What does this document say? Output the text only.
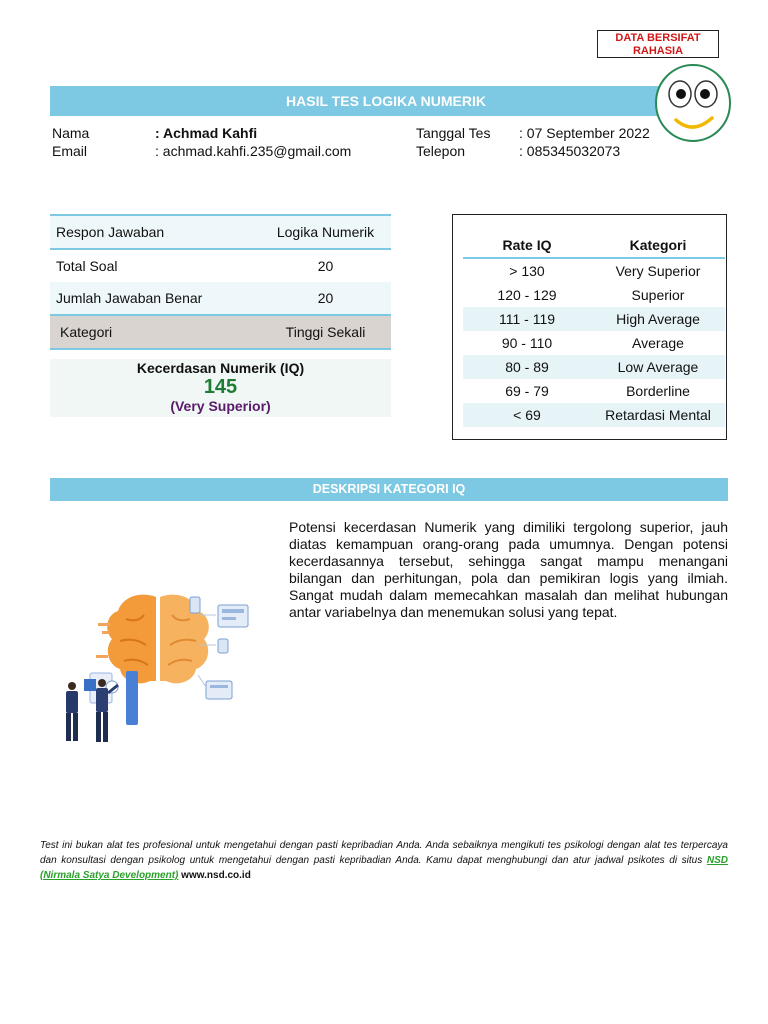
DATA BERSIFAT
RAHASIA
HASIL TES LOGIKA NUMERIK
Nama	: Achmad Kahfi
Email	: achmad.kahfi.235@gmail.com
Tanggal Tes : 07 September 2022
Telepon	: 085345032073
Respon Jawaban	Logika Numerik
Total Soal	20
Jumlah Jawaban Benar	20
Kategori	Tinggi Sekali
Kecerdasan Numerik (IQ)
145
(Very Superior)
Rate IQ	Kategori
> 130	Very Superior
120 - 129	Superior
111 - 119	High Average
90 - 110	Average
80 - 89	Low Average
69 - 79	Borderline
< 69	Retardasi Mental
DESKRIPSI KATEGORI IQ
Potensi kecerdasan Numerik yang dimiliki tergolong superior, jauh diatas kemampuan orang-orang pada umumnya. Dengan potensi kecerdasannya tersebut, sehingga sangat mampu menangani bilangan dan perhitungan, pola dan pemikiran logis yang ilmiah. Sangat mudah dalam memecahkan masalah dan melihat hubungan antar variabelnya dan menemukan solusi yang tepat.
Test ini bukan alat tes profesional untuk mengetahui dengan pasti kepribadian Anda. Anda sebaiknya mengikuti tes psikologi dengan alat tes terpercaya dan konsultasi dengan psikolog untuk mengetahui dengan pasti kepribadian Anda. Kamu dapat menghubungi dan atur jadwal psikotes di situs NSD (Nirmala Satya Development) www.nsd.co.id
